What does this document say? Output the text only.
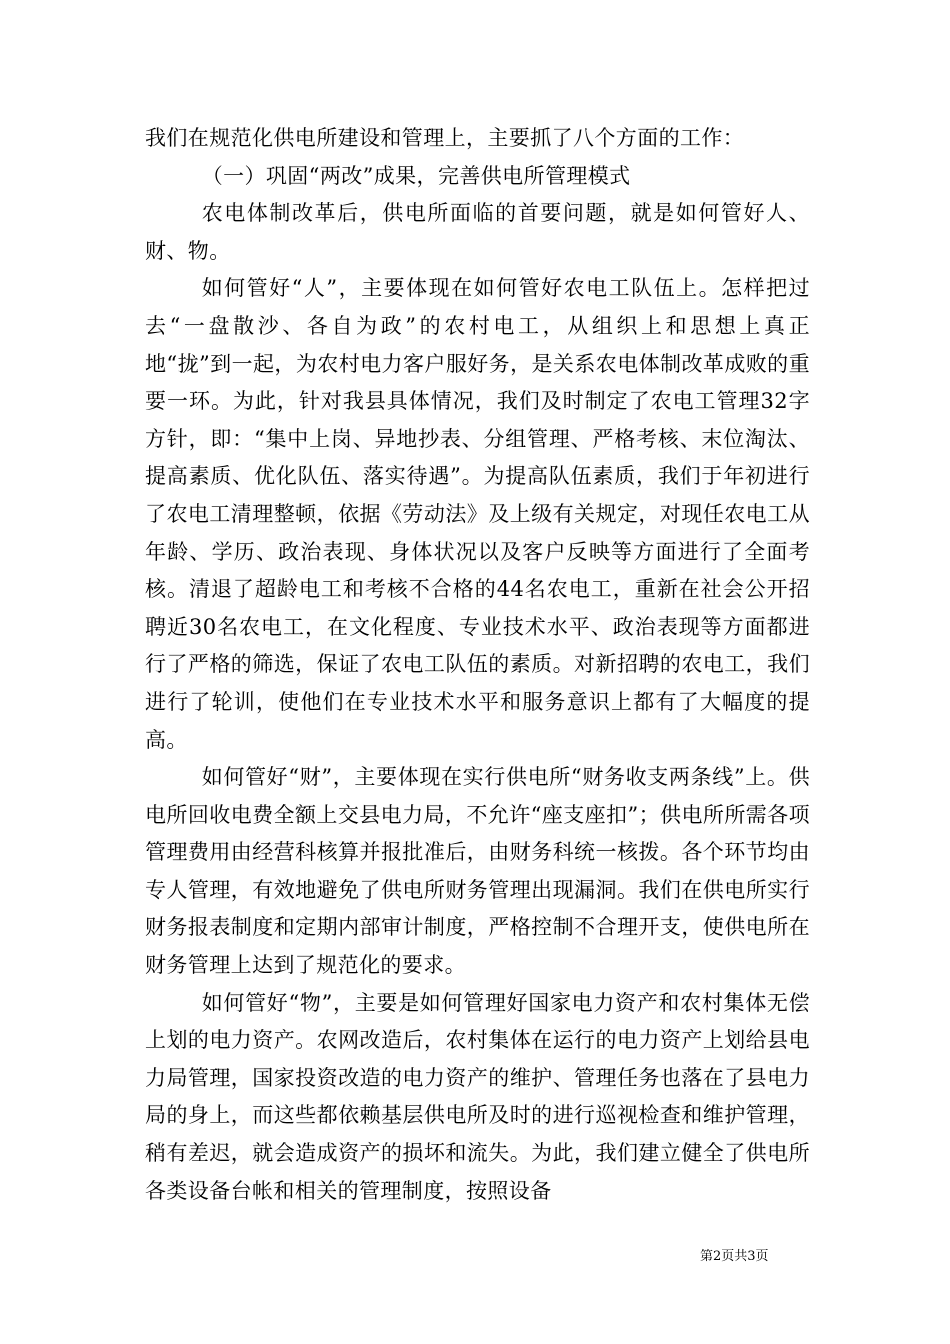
我们在规范化供电所建设和管理上，主要抓了八个方面的工作：

（一）巩固“两改”成果，完善供电所管理模式

农电体制改革后，供电所面临的首要问题，就是如何管好人、财、物。

如何管好“人”，主要体现在如何管好农电工队伍上。怎样把过去“一盘散沙、各自为政”的农村电工，从组织上和思想上真正地“拢”到一起，为农村电力客户服好务，是关系农电体制改革成败的重要一环。为此，针对我县具体情况，我们及时制定了农电工管理32字方针，即：“集中上岗、异地抄表、分组管理、严格考核、末位淘汰、提高素质、优化队伍、落实待遇”。为提高队伍素质，我们于年初进行了农电工清理整顿，依据《劳动法》及上级有关规定，对现任农电工从年龄、学历、政治表现、身体状况以及客户反映等方面进行了全面考核。清退了超龄电工和考核不合格的44名农电工，重新在社会公开招聘近30名农电工，在文化程度、专业技术水平、政治表现等方面都进行了严格的筛选，保证了农电工队伍的素质。对新招聘的农电工，我们进行了轮训，使他们在专业技术水平和服务意识上都有了大幅度的提高。

如何管好“财”，主要体现在实行供电所“财务收支两条线”上。供电所回收电费全额上交县电力局，不允许“座支座扣”；供电所所需各项管理费用由经营科核算并报批准后，由财务科统一核拨。各个环节均由专人管理，有效地避免了供电所财务管理出现漏洞。我们在供电所实行财务报表制度和定期内部审计制度，严格控制不合理开支，使供电所在财务管理上达到了规范化的要求。

如何管好“物”，主要是如何管理好国家电力资产和农村集体无偿上划的电力资产。农网改造后，农村集体在运行的电力资产上划给县电力局管理，国家投资改造的电力资产的维护、管理任务也落在了县电力局的身上，而这些都依赖基层供电所及时的进行巡视检查和维护管理，稍有差迟，就会造成资产的损坏和流失。为此，我们建立健全了供电所各类设备台帐和相关的管理制度，按照设备

第2页共3页
